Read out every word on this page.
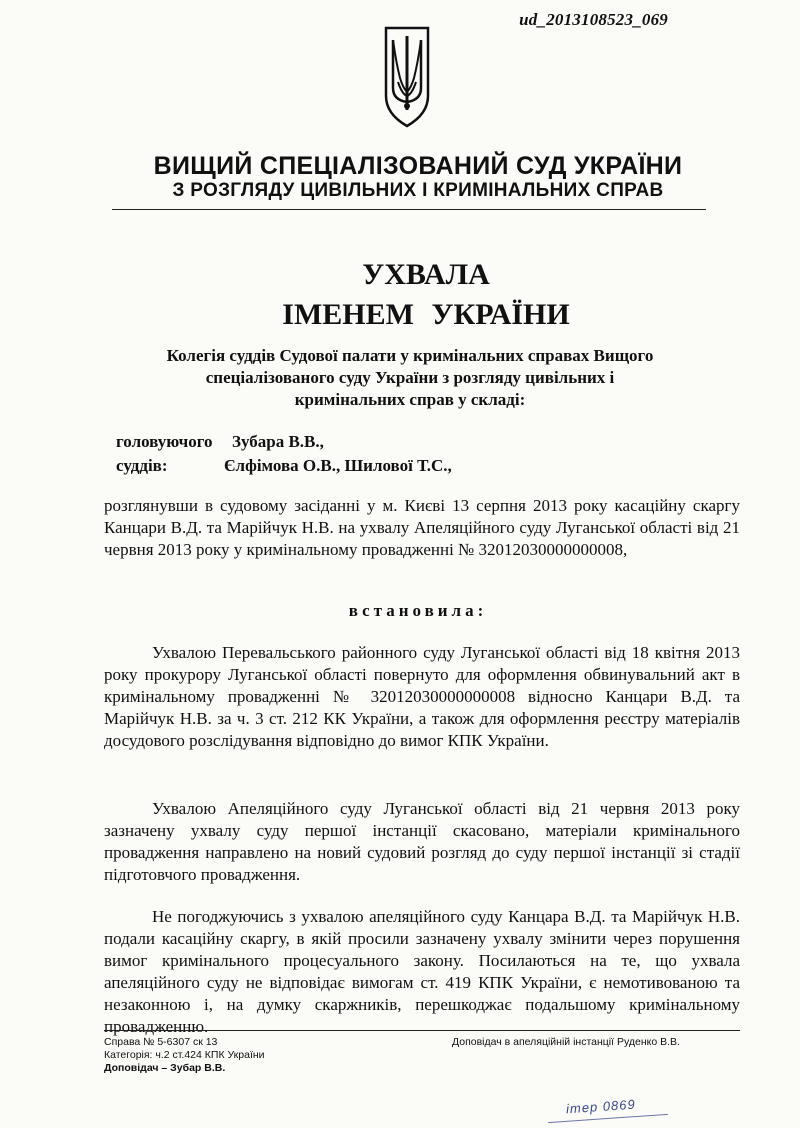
ud_2013108523_069
ВИЩИЙ СПЕЦІАЛІЗОВАНИЙ СУД УКРАЇНИ
З РОЗГЛЯДУ ЦИВІЛЬНИХ І КРИМІНАЛЬНИХ СПРАВ
УХВАЛА
ІМЕНЕМ УКРАЇНИ
Колегія суддів Судової палати у кримінальних справах Вищого спеціалізованого суду України з розгляду цивільних і кримінальних справ у складі:
головуючого	Зубара В.В.,
суддів:	Єлфімова О.В., Шилової Т.С.,
розглянувши в судовому засіданні у м. Києві 13 серпня 2013 року касаційну скаргу Канцари В.Д. та Марійчук Н.В. на ухвалу Апеляційного суду Луганської області від 21 червня 2013 року у кримінальному провадженні № 32012030000000008,
встановила:
Ухвалою Перевальського районного суду Луганської області від 18 квітня 2013 року прокурору Луганської області повернуто для оформлення обвинувальний акт в кримінальному провадженні № 32012030000000008 відносно Канцари В.Д. та Марійчук Н.В. за ч. 3 ст. 212 КК України, а також для оформлення реєстру матеріалів досудового розслідування відповідно до вимог КПК України.
Ухвалою Апеляційного суду Луганської області від 21 червня 2013 року зазначену ухвалу суду першої інстанції скасовано, матеріали кримінального провадження направлено на новий судовий розгляд до суду першої інстанції зі стадії підготовчого провадження.
Не погоджуючись з ухвалою апеляційного суду Канцара В.Д. та Марійчук Н.В. подали касаційну скаргу, в якій просили зазначену ухвалу змінити через порушення вимог кримінального процесуального закону. Посилаються на те, що ухвала апеляційного суду не відповідає вимогам ст. 419 КПК України, є немотивованою та незаконною і, на думку скаржників, перешкоджає подальшому кримінальному провадженню.
Справа № 5-6307 ск 13
Категорія: ч.2 ст.424 КПК України
Доповідач – Зубар В.В.
Доповідач в апеляційній інстанції Руденко В.В.
imep 0869
